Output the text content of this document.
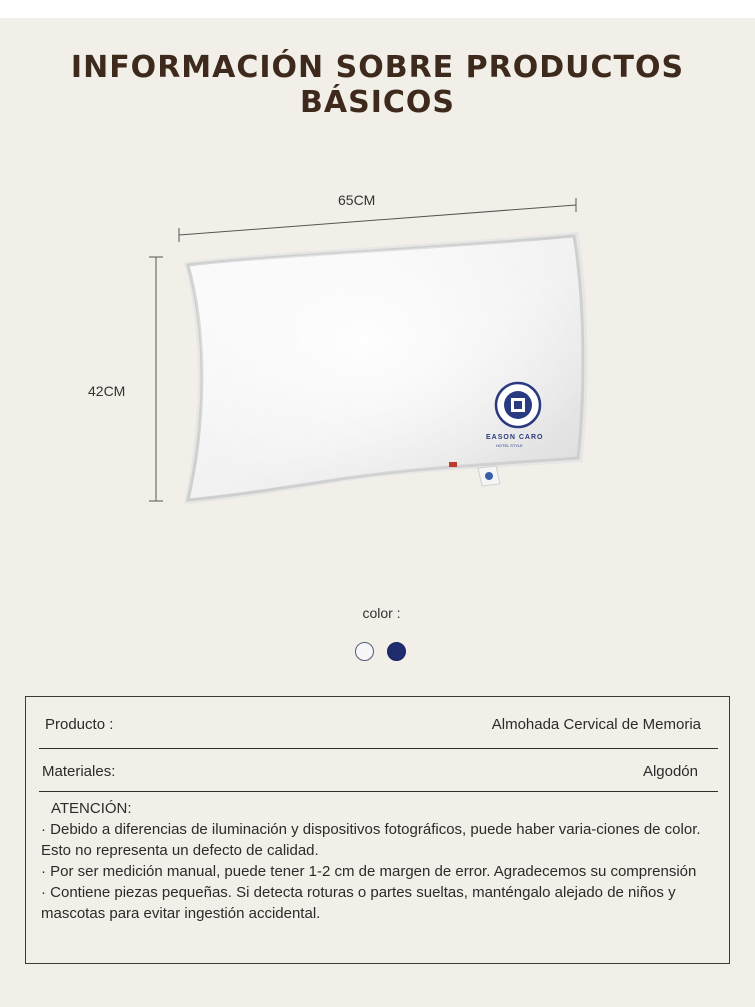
INFORMACIÓN SOBRE PRODUCTOS BÁSICOS
65CM
42CM
EASON CARO
HOTEL STYLE
color :
Producto :	Almohada Cervical de Memoria
Materiales:	Algodón
ATENCIÓN:
· Debido a diferencias de iluminación y dispositivos fotográficos, puede haber varia-ciones de color. Esto no representa un defecto de calidad.
· Por ser medición manual, puede tener 1-2 cm de margen de error. Agradecemos su comprensión
· Contiene piezas pequeñas. Si detecta roturas o partes sueltas, manténgalo alejado de niños y mascotas para evitar ingestión accidental.
